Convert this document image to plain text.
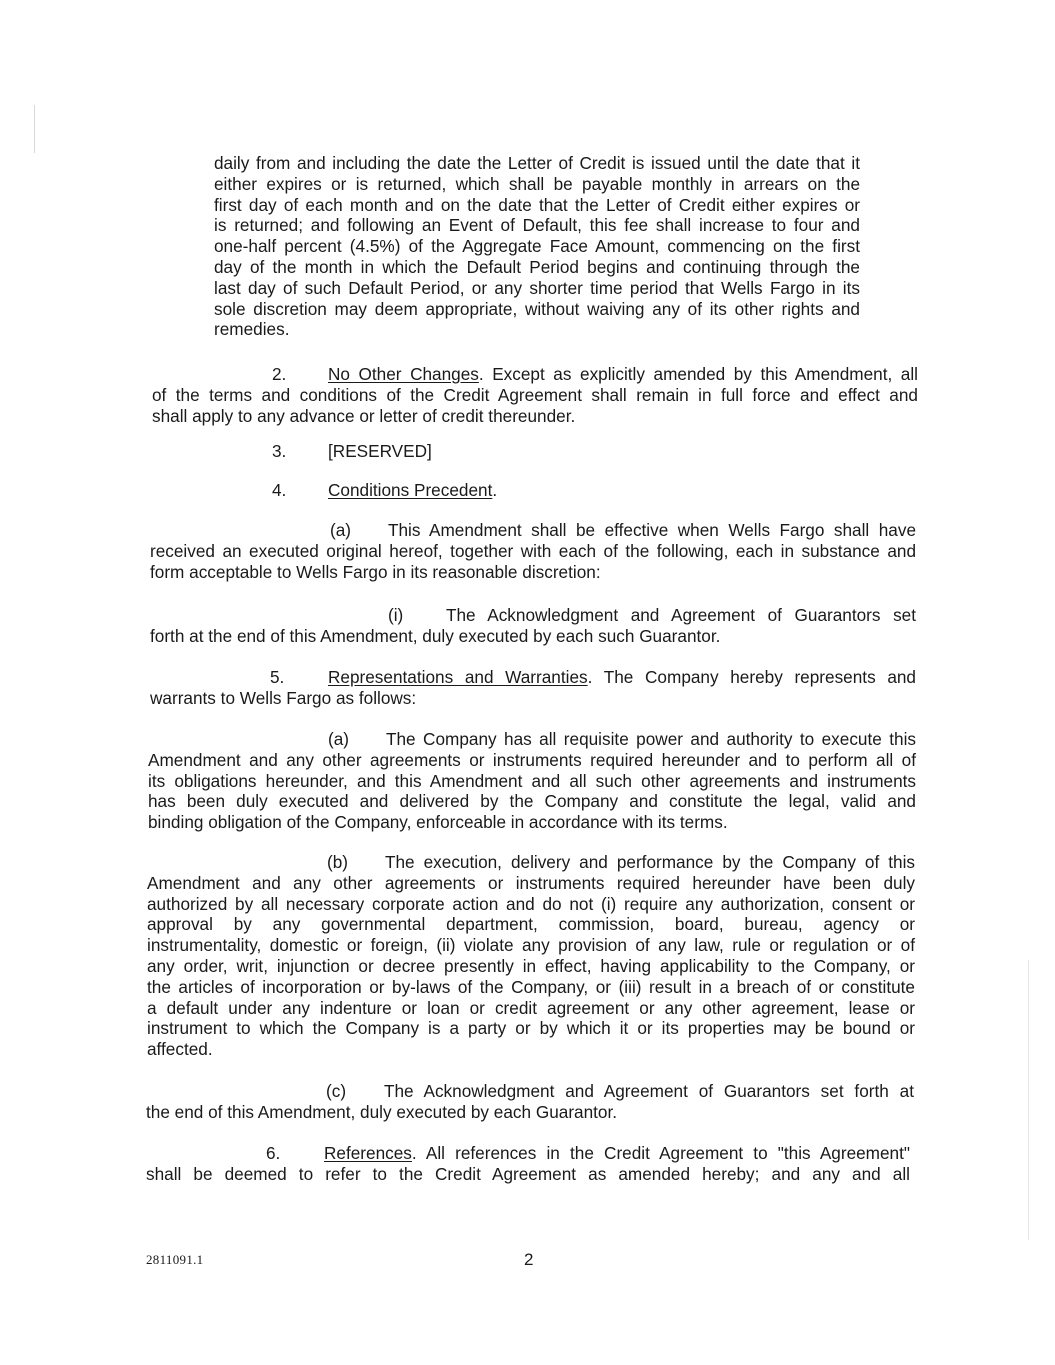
daily from and including the date the Letter of Credit is issued until the date that it
either expires or is returned, which shall be payable monthly in arrears on the
first day of each month and on the date that the Letter of Credit either expires or
is returned; and following an Event of Default, this fee shall increase to four and
one-half percent (4.5%) of the Aggregate Face Amount, commencing on the first
day of the month in which the Default Period begins and continuing through the
last day of such Default Period, or any shorter time period that Wells Fargo in its
sole discretion may deem appropriate, without waiving any of its other rights and
remedies.
2. No Other Changes. Except as explicitly amended by this Amendment, all
of the terms and conditions of the Credit Agreement shall remain in full force and effect and
shall apply to any advance or letter of credit thereunder.
3. [RESERVED]
4. Conditions Precedent.
(a) This Amendment shall be effective when Wells Fargo shall have
received an executed original hereof, together with each of the following, each in substance and
form acceptable to Wells Fargo in its reasonable discretion:
(i) The Acknowledgment and Agreement of Guarantors set
forth at the end of this Amendment, duly executed by each such Guarantor.
5.	Representations and Warranties. The Company hereby represents and
warrants to Wells Fargo as follows:
(a) The Company has all requisite power and authority to execute this
Amendment and any other agreements or instruments required hereunder and to perform all of
its obligations hereunder, and this Amendment and all such other agreements and instruments
has been duly executed and delivered by the Company and constitute the legal, valid and
binding obligation of the Company, enforceable in accordance with its terms.
(b) The execution, delivery and performance by the Company of this
Amendment and any other agreements or instruments required hereunder have been duly
authorized by all necessary corporate action and do not (i) require any authorization, consent or
approval by any governmental department, commission, board, bureau, agency or
instrumentality, domestic or foreign, (ii) violate any provision of any law, rule or regulation or of
any order, writ, injunction or decree presently in effect, having applicability to the Company, or
the articles of incorporation or by-laws of the Company, or (iii) result in a breach of or constitute
a default under any indenture or loan or credit agreement or any other agreement, lease or
instrument to which the Company is a party or by which it or its properties may be bound or
affected.
(c) The Acknowledgment and Agreement of Guarantors set forth at
the end of this Amendment, duly executed by each Guarantor.
6.	References. All references in the Credit Agreement to "this Agreement"
shall be deemed to refer to the Credit Agreement as amended hereby; and any and all
2811091.1	2
